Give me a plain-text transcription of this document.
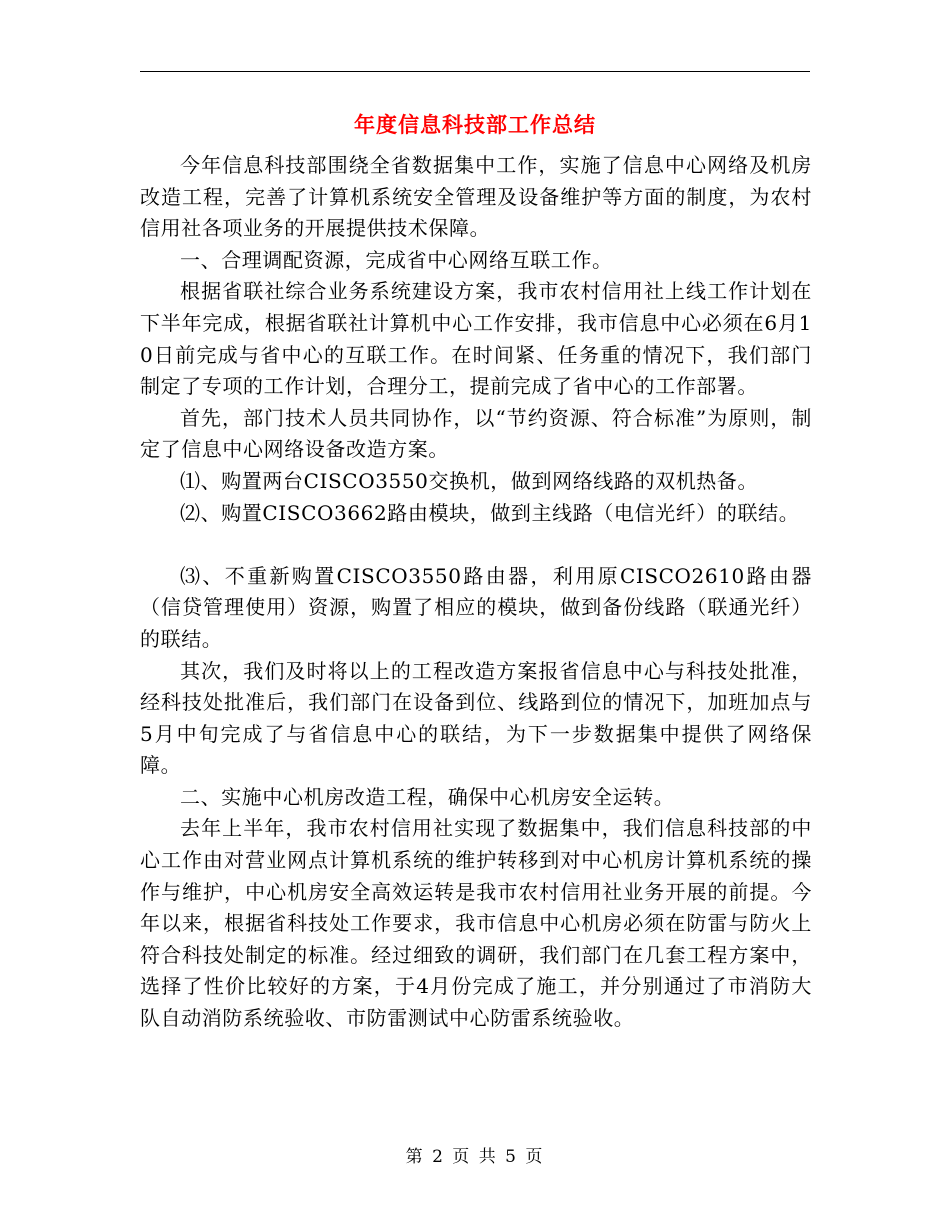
年度信息科技部工作总结

今年信息科技部围绕全省数据集中工作，实施了信息中心网络及机房改造工程，完善了计算机系统安全管理及设备维护等方面的制度，为农村信用社各项业务的开展提供技术保障。

一、合理调配资源，完成省中心网络互联工作。

根据省联社综合业务系统建设方案，我市农村信用社上线工作计划在下半年完成，根据省联社计算机中心工作安排，我市信息中心必须在6月10日前完成与省中心的互联工作。在时间紧、任务重的情况下，我们部门制定了专项的工作计划，合理分工，提前完成了省中心的工作部署。

首先，部门技术人员共同协作，以“节约资源、符合标准”为原则，制定了信息中心网络设备改造方案。

⑴、购置两台CISCO3550交换机，做到网络线路的双机热备。

⑵、购置CISCO3662路由模块，做到主线路（电信光纤）的联结。

⑶、不重新购置CISCO3550路由器，利用原CISCO2610路由器（信贷管理使用）资源，购置了相应的模块，做到备份线路（联通光纤）的联结。

其次，我们及时将以上的工程改造方案报省信息中心与科技处批准，经科技处批准后，我们部门在设备到位、线路到位的情况下，加班加点与5月中旬完成了与省信息中心的联结，为下一步数据集中提供了网络保障。

二、实施中心机房改造工程，确保中心机房安全运转。

去年上半年，我市农村信用社实现了数据集中，我们信息科技部的中心工作由对营业网点计算机系统的维护转移到对中心机房计算机系统的操作与维护，中心机房安全高效运转是我市农村信用社业务开展的前提。今年以来，根据省科技处工作要求，我市信息中心机房必须在防雷与防火上符合科技处制定的标准。经过细致的调研，我们部门在几套工程方案中，选择了性价比较好的方案，于4月份完成了施工，并分别通过了市消防大队自动消防系统验收、市防雷测试中心防雷系统验收。

第 2 页 共 5 页
